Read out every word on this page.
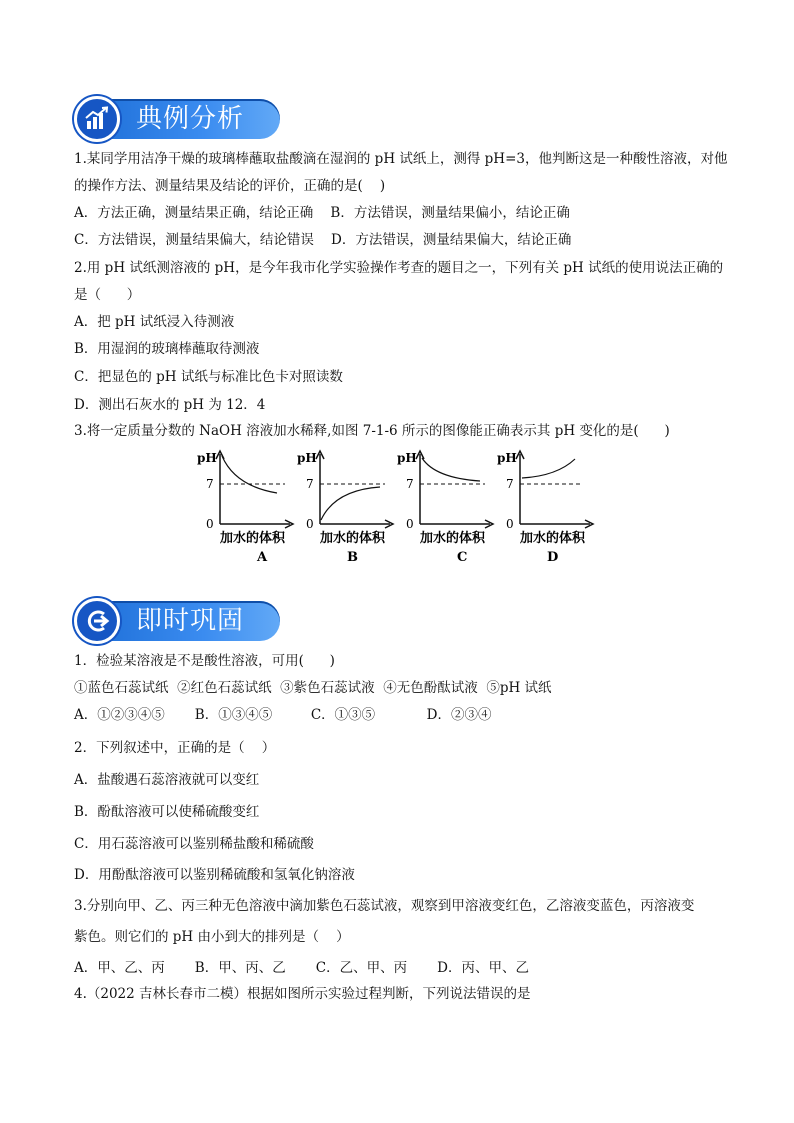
典例分析
1.某同学用洁净干燥的玻璃棒蘸取盐酸滴在湿润的 pH 试纸上，测得 pH=3，他判断这是一种酸性溶液，对他
的操作方法、测量结果及结论的评价，正确的是(    )
A．方法正确，测量结果正确，结论正确    B．方法错误，测量结果偏小，结论正确
C．方法错误，测量结果偏大，结论错误    D．方法错误，测量结果偏大，结论正确
2.用 pH 试纸测溶液的 pH，是今年我市化学实验操作考查的题目之一，下列有关 pH 试纸的使用说法正确的
是（      ）
A．把 pH 试纸浸入待测液
B．用湿润的玻璃棒蘸取待测液
C．把显色的 pH 试纸与标准比色卡对照读数
D．测出石灰水的 pH 为 12．4
3.将一定质量分数的 NaOH 溶液加水稀释,如图 7-1-6 所示的图像能正确表示其 pH 变化的是(      )
pH
7
0
加水的体积
A
pH
7
0
加水的体积
B
pH
7
0
加水的体积
C
pH
7
0
加水的体积
D
即时巩固
1．检验某溶液是不是酸性溶液，可用(      )
①蓝色石蕊试纸  ②红色石蕊试纸  ③紫色石蕊试液  ④无色酚酞试液  ⑤pH 试纸
A．①②③④⑤       B．①③④⑤         C．①③⑤            D．②③④
2．下列叙述中，正确的是（    ）
A．盐酸遇石蕊溶液就可以变红
B．酚酞溶液可以使稀硫酸变红
C．用石蕊溶液可以鉴别稀盐酸和稀硫酸
D．用酚酞溶液可以鉴别稀硫酸和氢氧化钠溶液
3.分别向甲、乙、丙三种无色溶液中滴加紫色石蕊试液，观察到甲溶液变红色，乙溶液变蓝色，丙溶液变
紫色。则它们的 pH 由小到大的排列是（    ）
A．甲、乙、丙       B．甲、丙、乙       C．乙、甲、丙       D．丙、甲、乙
4.（2022 吉林长春市二模）根据如图所示实验过程判断，下列说法错误的是
